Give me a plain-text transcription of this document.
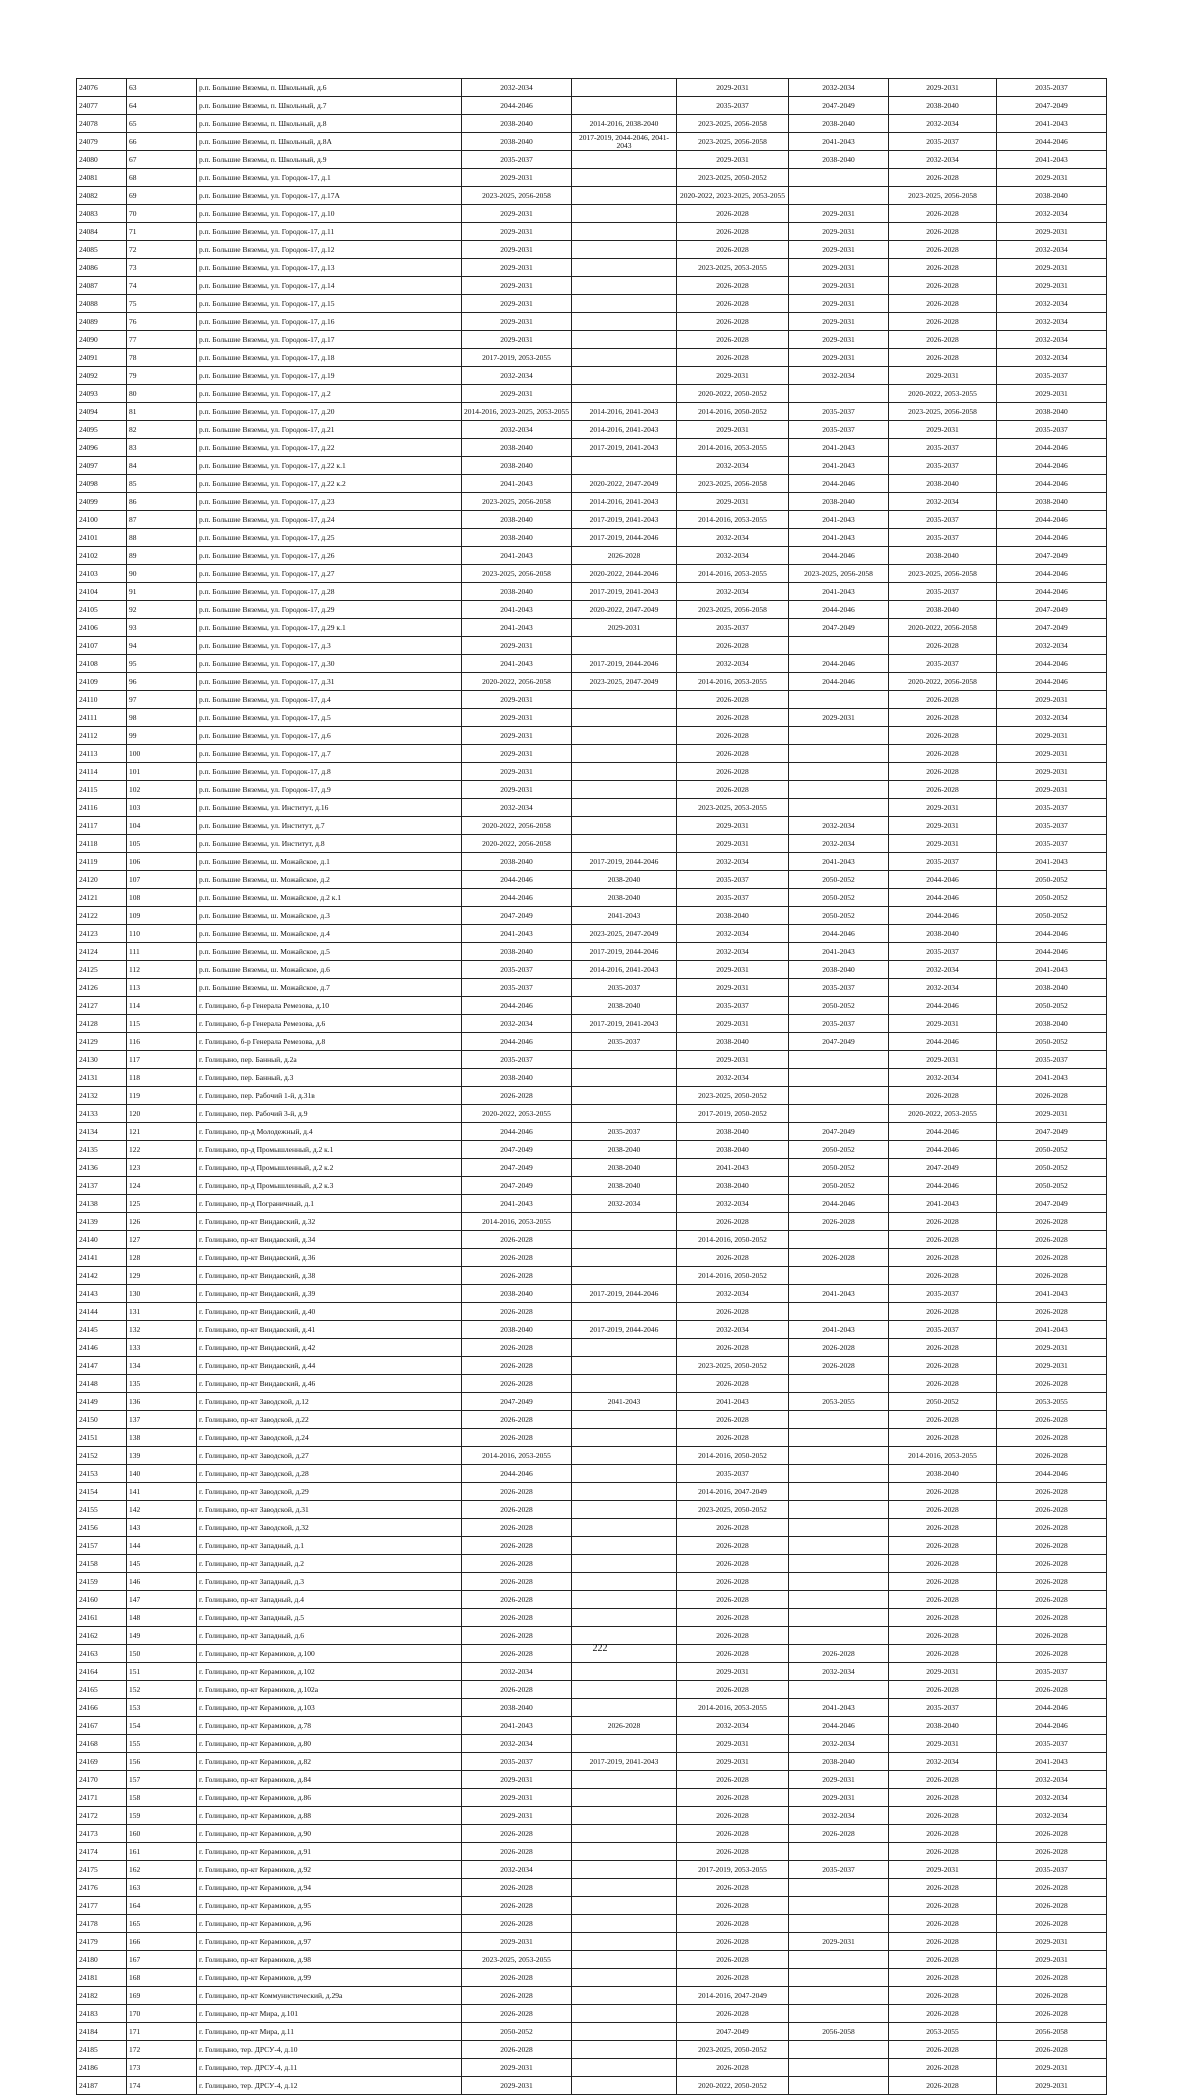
24076	63	р.п. Большие Вяземы, п. Школьный, д.6	2032-2034		2029-2031	2032-2034	2029-2031	2035-2037
24077	64	р.п. Большие Вяземы, п. Школьный, д.7	2044-2046		2035-2037	2047-2049	2038-2040	2047-2049
24078	65	р.п. Большие Вяземы, п. Школьный, д.8	2038-2040	2014-2016, 2038-2040	2023-2025, 2056-2058	2038-2040	2032-2034	2041-2043
24079	66	р.п. Большие Вяземы, п. Школьный, д.8А	2038-2040	2017-2019, 2044-2046, 2041-2043	2023-2025, 2056-2058	2041-2043	2035-2037	2044-2046
24080	67	р.п. Большие Вяземы, п. Школьный, д.9	2035-2037		2029-2031	2038-2040	2032-2034	2041-2043
24081	68	р.п. Большие Вяземы, ул. Городок-17, д.1	2029-2031		2023-2025, 2050-2052		2026-2028	2029-2031
24082	69	р.п. Большие Вяземы, ул. Городок-17, д.17А	2023-2025, 2056-2058		2020-2022, 2023-2025, 2053-2055		2023-2025, 2056-2058	2038-2040
24083	70	р.п. Большие Вяземы, ул. Городок-17, д.10	2029-2031		2026-2028	2029-2031	2026-2028	2032-2034
24084	71	р.п. Большие Вяземы, ул. Городок-17, д.11	2029-2031		2026-2028	2029-2031	2026-2028	2029-2031
24085	72	р.п. Большие Вяземы, ул. Городок-17, д.12	2029-2031		2026-2028	2029-2031	2026-2028	2032-2034
24086	73	р.п. Большие Вяземы, ул. Городок-17, д.13	2029-2031		2023-2025, 2053-2055	2029-2031	2026-2028	2029-2031
24087	74	р.п. Большие Вяземы, ул. Городок-17, д.14	2029-2031		2026-2028	2029-2031	2026-2028	2029-2031
24088	75	р.п. Большие Вяземы, ул. Городок-17, д.15	2029-2031		2026-2028	2029-2031	2026-2028	2032-2034
24089	76	р.п. Большие Вяземы, ул. Городок-17, д.16	2029-2031		2026-2028	2029-2031	2026-2028	2032-2034
24090	77	р.п. Большие Вяземы, ул. Городок-17, д.17	2029-2031		2026-2028	2029-2031	2026-2028	2032-2034
24091	78	р.п. Большие Вяземы, ул. Городок-17, д.18	2017-2019, 2053-2055		2026-2028	2029-2031	2026-2028	2032-2034
24092	79	р.п. Большие Вяземы, ул. Городок-17, д.19	2032-2034		2029-2031	2032-2034	2029-2031	2035-2037
24093	80	р.п. Большие Вяземы, ул. Городок-17, д.2	2029-2031		2020-2022, 2050-2052		2020-2022, 2053-2055	2029-2031
24094	81	р.п. Большие Вяземы, ул. Городок-17, д.20	2014-2016, 2023-2025, 2053-2055	2014-2016, 2041-2043	2014-2016, 2050-2052	2035-2037	2023-2025, 2056-2058	2038-2040
24095	82	р.п. Большие Вяземы, ул. Городок-17, д.21	2032-2034	2014-2016, 2041-2043	2029-2031	2035-2037	2029-2031	2035-2037
24096	83	р.п. Большие Вяземы, ул. Городок-17, д.22	2038-2040	2017-2019, 2041-2043	2014-2016, 2053-2055	2041-2043	2035-2037	2044-2046
24097	84	р.п. Большие Вяземы, ул. Городок-17, д.22 к.1	2038-2040		2032-2034	2041-2043	2035-2037	2044-2046
24098	85	р.п. Большие Вяземы, ул. Городок-17, д.22 к.2	2041-2043	2020-2022, 2047-2049	2023-2025, 2056-2058	2044-2046	2038-2040	2044-2046
24099	86	р.п. Большие Вяземы, ул. Городок-17, д.23	2023-2025, 2056-2058	2014-2016, 2041-2043	2029-2031	2038-2040	2032-2034	2038-2040
24100	87	р.п. Большие Вяземы, ул. Городок-17, д.24	2038-2040	2017-2019, 2041-2043	2014-2016, 2053-2055	2041-2043	2035-2037	2044-2046
24101	88	р.п. Большие Вяземы, ул. Городок-17, д.25	2038-2040	2017-2019, 2044-2046	2032-2034	2041-2043	2035-2037	2044-2046
24102	89	р.п. Большие Вяземы, ул. Городок-17, д.26	2041-2043	2026-2028	2032-2034	2044-2046	2038-2040	2047-2049
24103	90	р.п. Большие Вяземы, ул. Городок-17, д.27	2023-2025, 2056-2058	2020-2022, 2044-2046	2014-2016, 2053-2055	2023-2025, 2056-2058	2023-2025, 2056-2058	2044-2046
24104	91	р.п. Большие Вяземы, ул. Городок-17, д.28	2038-2040	2017-2019, 2041-2043	2032-2034	2041-2043	2035-2037	2044-2046
24105	92	р.п. Большие Вяземы, ул. Городок-17, д.29	2041-2043	2020-2022, 2047-2049	2023-2025, 2056-2058	2044-2046	2038-2040	2047-2049
24106	93	р.п. Большие Вяземы, ул. Городок-17, д.29 к.1	2041-2043	2029-2031	2035-2037	2047-2049	2020-2022, 2056-2058	2047-2049
24107	94	р.п. Большие Вяземы, ул. Городок-17, д.3	2029-2031		2026-2028		2026-2028	2032-2034
24108	95	р.п. Большие Вяземы, ул. Городок-17, д.30	2041-2043	2017-2019, 2044-2046	2032-2034	2044-2046	2035-2037	2044-2046
24109	96	р.п. Большие Вяземы, ул. Городок-17, д.31	2020-2022, 2056-2058	2023-2025, 2047-2049	2014-2016, 2053-2055	2044-2046	2020-2022, 2056-2058	2044-2046
24110	97	р.п. Большие Вяземы, ул. Городок-17, д.4	2029-2031		2026-2028		2026-2028	2029-2031
24111	98	р.п. Большие Вяземы, ул. Городок-17, д.5	2029-2031		2026-2028	2029-2031	2026-2028	2032-2034
24112	99	р.п. Большие Вяземы, ул. Городок-17, д.6	2029-2031		2026-2028		2026-2028	2029-2031
24113	100	р.п. Большие Вяземы, ул. Городок-17, д.7	2029-2031		2026-2028		2026-2028	2029-2031
24114	101	р.п. Большие Вяземы, ул. Городок-17, д.8	2029-2031		2026-2028		2026-2028	2029-2031
24115	102	р.п. Большие Вяземы, ул. Городок-17, д.9	2029-2031		2026-2028		2026-2028	2029-2031
24116	103	р.п. Большие Вяземы, ул. Институт, д.16	2032-2034		2023-2025, 2053-2055		2029-2031	2035-2037
24117	104	р.п. Большие Вяземы, ул. Институт, д.7	2020-2022, 2056-2058		2029-2031	2032-2034	2029-2031	2035-2037
24118	105	р.п. Большие Вяземы, ул. Институт, д.8	2020-2022, 2056-2058		2029-2031	2032-2034	2029-2031	2035-2037
24119	106	р.п. Большие Вяземы, ш. Можайское, д.1	2038-2040	2017-2019, 2044-2046	2032-2034	2041-2043	2035-2037	2041-2043
24120	107	р.п. Большие Вяземы, ш. Можайское, д.2	2044-2046	2038-2040	2035-2037	2050-2052	2044-2046	2050-2052
24121	108	р.п. Большие Вяземы, ш. Можайское, д.2 к.1	2044-2046	2038-2040	2035-2037	2050-2052	2044-2046	2050-2052
24122	109	р.п. Большие Вяземы, ш. Можайское, д.3	2047-2049	2041-2043	2038-2040	2050-2052	2044-2046	2050-2052
24123	110	р.п. Большие Вяземы, ш. Можайское, д.4	2041-2043	2023-2025, 2047-2049	2032-2034	2044-2046	2038-2040	2044-2046
24124	111	р.п. Большие Вяземы, ш. Можайское, д.5	2038-2040	2017-2019, 2044-2046	2032-2034	2041-2043	2035-2037	2044-2046
24125	112	р.п. Большие Вяземы, ш. Можайское, д.6	2035-2037	2014-2016, 2041-2043	2029-2031	2038-2040	2032-2034	2041-2043
24126	113	р.п. Большие Вяземы, ш. Можайское, д.7	2035-2037	2035-2037	2029-2031	2035-2037	2032-2034	2038-2040
24127	114	г. Голицыно, б-р Генерала Ремезова, д.10	2044-2046	2038-2040	2035-2037	2050-2052	2044-2046	2050-2052
24128	115	г. Голицыно, б-р Генерала Ремезова, д.6	2032-2034	2017-2019, 2041-2043	2029-2031	2035-2037	2029-2031	2038-2040
24129	116	г. Голицыно, б-р Генерала Ремезова, д.8	2044-2046	2035-2037	2038-2040	2047-2049	2044-2046	2050-2052
24130	117	г. Голицыно, пер. Банный, д.2а	2035-2037		2029-2031		2029-2031	2035-2037
24131	118	г. Голицыно, пер. Банный, д.3	2038-2040		2032-2034		2032-2034	2041-2043
24132	119	г. Голицыно, пер. Рабочий 1-й, д.31в	2026-2028		2023-2025, 2050-2052		2026-2028	2026-2028
24133	120	г. Голицыно, пер. Рабочий 3-й, д.9	2020-2022, 2053-2055		2017-2019, 2050-2052		2020-2022, 2053-2055	2029-2031
24134	121	г. Голицыно, пр-д Молодежный, д.4	2044-2046	2035-2037	2038-2040	2047-2049	2044-2046	2047-2049
24135	122	г. Голицыно, пр-д Промышленный, д.2 к.1	2047-2049	2038-2040	2038-2040	2050-2052	2044-2046	2050-2052
24136	123	г. Голицыно, пр-д Промышленный, д.2 к.2	2047-2049	2038-2040	2041-2043	2050-2052	2047-2049	2050-2052
24137	124	г. Голицыно, пр-д Промышленный, д.2 к.3	2047-2049	2038-2040	2038-2040	2050-2052	2044-2046	2050-2052
24138	125	г. Голицыно, пр-д Пограничный, д.1	2041-2043	2032-2034	2032-2034	2044-2046	2041-2043	2047-2049
24139	126	г. Голицыно, пр-кт Виндавский, д.32	2014-2016, 2053-2055		2026-2028	2026-2028	2026-2028	2026-2028
24140	127	г. Голицыно, пр-кт Виндавский, д.34	2026-2028		2014-2016, 2050-2052		2026-2028	2026-2028
24141	128	г. Голицыно, пр-кт Виндавский, д.36	2026-2028		2026-2028	2026-2028	2026-2028	2026-2028
24142	129	г. Голицыно, пр-кт Виндавский, д.38	2026-2028		2014-2016, 2050-2052		2026-2028	2026-2028
24143	130	г. Голицыно, пр-кт Виндавский, д.39	2038-2040	2017-2019, 2044-2046	2032-2034	2041-2043	2035-2037	2041-2043
24144	131	г. Голицыно, пр-кт Виндавский, д.40	2026-2028		2026-2028		2026-2028	2026-2028
24145	132	г. Голицыно, пр-кт Виндавский, д.41	2038-2040	2017-2019, 2044-2046	2032-2034	2041-2043	2035-2037	2041-2043
24146	133	г. Голицыно, пр-кт Виндавский, д.42	2026-2028		2026-2028	2026-2028	2026-2028	2029-2031
24147	134	г. Голицыно, пр-кт Виндавский, д.44	2026-2028		2023-2025, 2050-2052	2026-2028	2026-2028	2029-2031
24148	135	г. Голицыно, пр-кт Виндавский, д.46	2026-2028		2026-2028		2026-2028	2026-2028
24149	136	г. Голицыно, пр-кт Заводской, д.12	2047-2049	2041-2043	2041-2043	2053-2055	2050-2052	2053-2055
24150	137	г. Голицыно, пр-кт Заводской, д.22	2026-2028		2026-2028		2026-2028	2026-2028
24151	138	г. Голицыно, пр-кт Заводской, д.24	2026-2028		2026-2028		2026-2028	2026-2028
24152	139	г. Голицыно, пр-кт Заводской, д.27	2014-2016, 2053-2055		2014-2016, 2050-2052		2014-2016, 2053-2055	2026-2028
24153	140	г. Голицыно, пр-кт Заводской, д.28	2044-2046		2035-2037		2038-2040	2044-2046
24154	141	г. Голицыно, пр-кт Заводской, д.29	2026-2028		2014-2016, 2047-2049		2026-2028	2026-2028
24155	142	г. Голицыно, пр-кт Заводской, д.31	2026-2028		2023-2025, 2050-2052		2026-2028	2026-2028
24156	143	г. Голицыно, пр-кт Заводской, д.32	2026-2028		2026-2028		2026-2028	2026-2028
24157	144	г. Голицыно, пр-кт Западный, д.1	2026-2028		2026-2028		2026-2028	2026-2028
24158	145	г. Голицыно, пр-кт Западный, д.2	2026-2028		2026-2028		2026-2028	2026-2028
24159	146	г. Голицыно, пр-кт Западный, д.3	2026-2028		2026-2028		2026-2028	2026-2028
24160	147	г. Голицыно, пр-кт Западный, д.4	2026-2028		2026-2028		2026-2028	2026-2028
24161	148	г. Голицыно, пр-кт Западный, д.5	2026-2028		2026-2028		2026-2028	2026-2028
24162	149	г. Голицыно, пр-кт Западный, д.6	2026-2028		2026-2028		2026-2028	2026-2028
24163	150	г. Голицыно, пр-кт Керамиков, д.100	2026-2028		2026-2028	2026-2028	2026-2028	2026-2028
24164	151	г. Голицыно, пр-кт Керамиков, д.102	2032-2034		2029-2031	2032-2034	2029-2031	2035-2037
24165	152	г. Голицыно, пр-кт Керамиков, д.102а	2026-2028		2026-2028		2026-2028	2026-2028
24166	153	г. Голицыно, пр-кт Керамиков, д.103	2038-2040		2014-2016, 2053-2055	2041-2043	2035-2037	2044-2046
24167	154	г. Голицыно, пр-кт Керамиков, д.78	2041-2043	2026-2028	2032-2034	2044-2046	2038-2040	2044-2046
24168	155	г. Голицыно, пр-кт Керамиков, д.80	2032-2034		2029-2031	2032-2034	2029-2031	2035-2037
24169	156	г. Голицыно, пр-кт Керамиков, д.82	2035-2037	2017-2019, 2041-2043	2029-2031	2038-2040	2032-2034	2041-2043
24170	157	г. Голицыно, пр-кт Керамиков, д.84	2029-2031		2026-2028	2029-2031	2026-2028	2032-2034
24171	158	г. Голицыно, пр-кт Керамиков, д.86	2029-2031		2026-2028	2029-2031	2026-2028	2032-2034
24172	159	г. Голицыно, пр-кт Керамиков, д.88	2029-2031		2026-2028	2032-2034	2026-2028	2032-2034
24173	160	г. Голицыно, пр-кт Керамиков, д.90	2026-2028		2026-2028	2026-2028	2026-2028	2026-2028
24174	161	г. Голицыно, пр-кт Керамиков, д.91	2026-2028		2026-2028		2026-2028	2026-2028
24175	162	г. Голицыно, пр-кт Керамиков, д.92	2032-2034		2017-2019, 2053-2055	2035-2037	2029-2031	2035-2037
24176	163	г. Голицыно, пр-кт Керамиков, д.94	2026-2028		2026-2028		2026-2028	2026-2028
24177	164	г. Голицыно, пр-кт Керамиков, д.95	2026-2028		2026-2028		2026-2028	2026-2028
24178	165	г. Голицыно, пр-кт Керамиков, д.96	2026-2028		2026-2028		2026-2028	2026-2028
24179	166	г. Голицыно, пр-кт Керамиков, д.97	2029-2031		2026-2028	2029-2031	2026-2028	2029-2031
24180	167	г. Голицыно, пр-кт Керамиков, д.98	2023-2025, 2053-2055		2026-2028		2026-2028	2029-2031
24181	168	г. Голицыно, пр-кт Керамиков, д.99	2026-2028		2026-2028		2026-2028	2026-2028
24182	169	г. Голицыно, пр-кт Коммунистический, д.29а	2026-2028		2014-2016, 2047-2049		2026-2028	2026-2028
24183	170	г. Голицыно, пр-кт Мира, д.101	2026-2028		2026-2028		2026-2028	2026-2028
24184	171	г. Голицыно, пр-кт Мира, д.11	2050-2052		2047-2049	2056-2058	2053-2055	2056-2058
24185	172	г. Голицыно, тер. ДРСУ-4, д.10	2026-2028		2023-2025, 2050-2052		2026-2028	2026-2028
24186	173	г. Голицыно, тер. ДРСУ-4, д.11	2029-2031		2026-2028		2026-2028	2029-2031
24187	174	г. Голицыно, тер. ДРСУ-4, д.12	2029-2031		2020-2022, 2050-2052		2026-2028	2029-2031
222
